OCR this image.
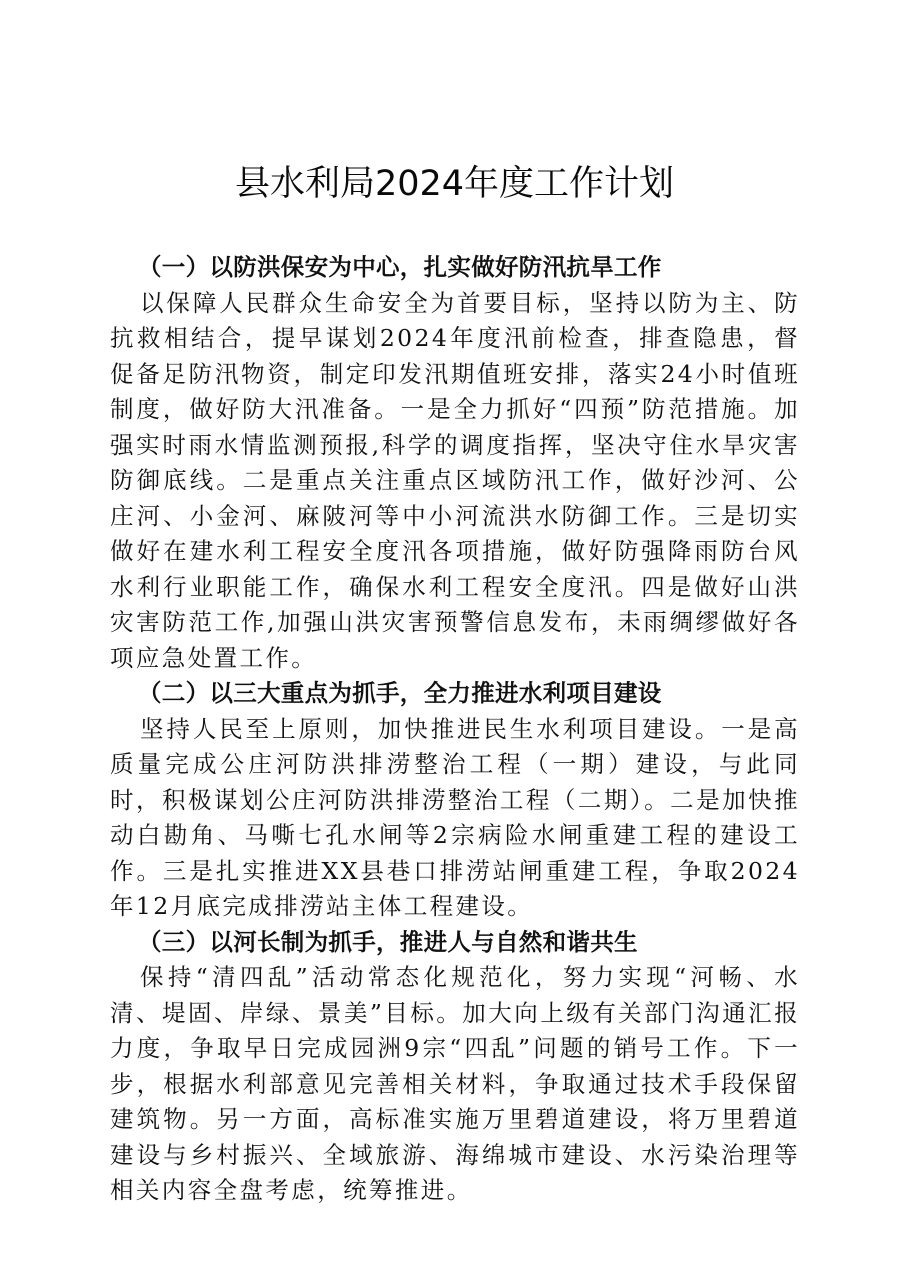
县水利局2024年度工作计划
（一）以防洪保安为中心，扎实做好防汛抗旱工作

以保障人民群众生命安全为首要目标，坚持以防为主、防抗救相结合，提早谋划2024年度汛前检查，排查隐患，督促备足防汛物资，制定印发汛期值班安排，落实24小时值班制度，做好防大汛准备。一是全力抓好“四预”防范措施。加强实时雨水情监测预报,科学的调度指挥，坚决守住水旱灾害防御底线。二是重点关注重点区域防汛工作，做好沙河、公庄河、小金河、麻陂河等中小河流洪水防御工作。三是切实做好在建水利工程安全度汛各项措施，做好防强降雨防台风水利行业职能工作，确保水利工程安全度汛。四是做好山洪灾害防范工作,加强山洪灾害预警信息发布，未雨绸缪做好各项应急处置工作。

（二）以三大重点为抓手，全力推进水利项目建设

坚持人民至上原则，加快推进民生水利项目建设。一是高质量完成公庄河防洪排涝整治工程（一期）建设，与此同时，积极谋划公庄河防洪排涝整治工程（二期）。二是加快推动白勘角、马嘶七孔水闸等2宗病险水闸重建工程的建设工作。三是扎实推进XX县巷口排涝站闸重建工程，争取2024年12月底完成排涝站主体工程建设。

（三）以河长制为抓手，推进人与自然和谐共生

保持“清四乱”活动常态化规范化，努力实现“河畅、水清、堤固、岸绿、景美”目标。加大向上级有关部门沟通汇报力度，争取早日完成园洲9宗“四乱”问题的销号工作。下一步，根据水利部意见完善相关材料，争取通过技术手段保留建筑物。另一方面，高标准实施万里碧道建设，将万里碧道建设与乡村振兴、全域旅游、海绵城市建设、水污染治理等相关内容全盘考虑，统筹推进。
